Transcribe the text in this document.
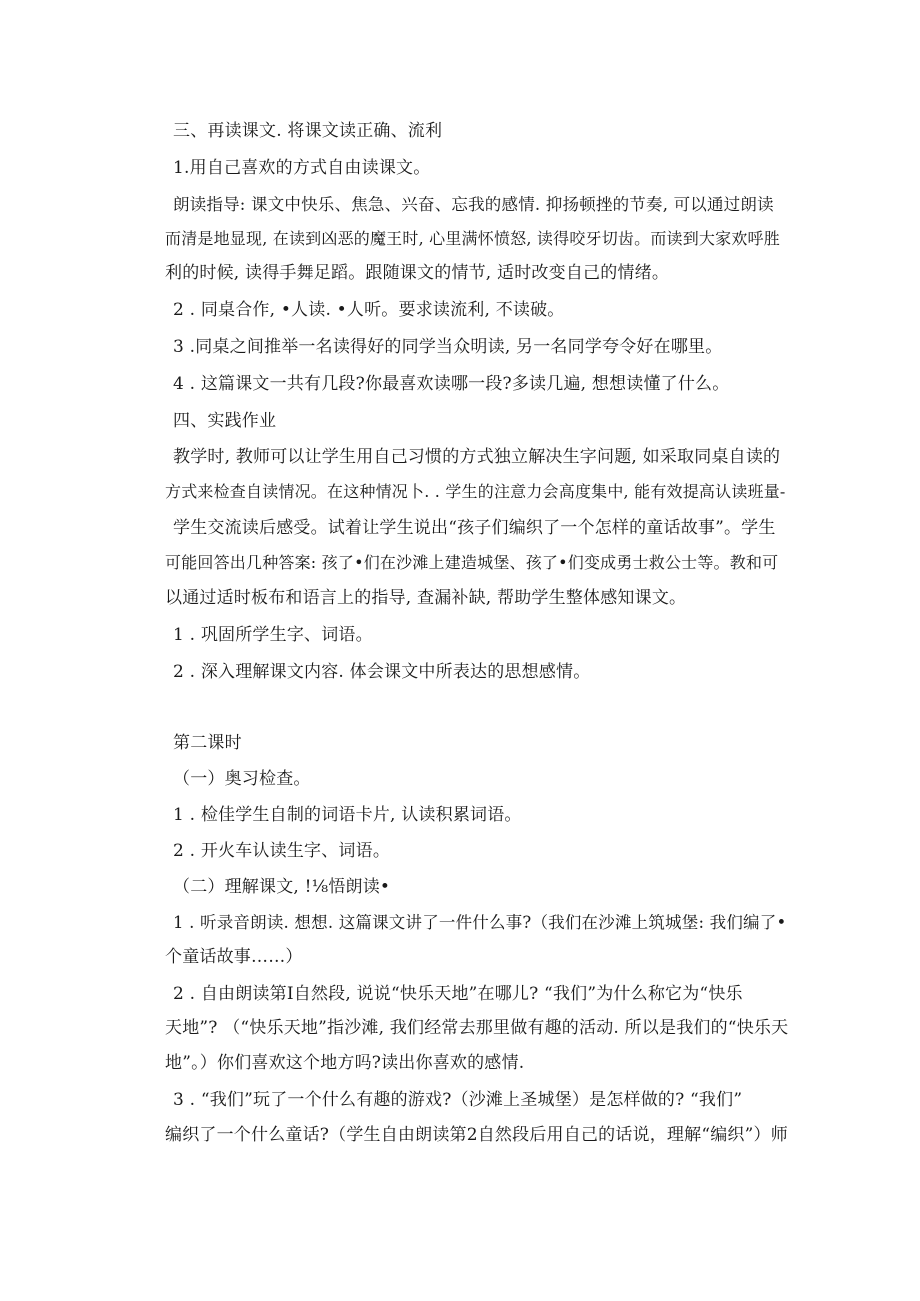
三、再读课文. 将课文读正确、流利
1.用自己喜欢的方式自由读课文。
朗读指导: 课文中快乐、焦急、兴奋、忘我的感情. 抑扬顿挫的节奏, 可以通过朗读
而清是地显现, 在读到凶恶的魔王时, 心里满怀愤怒, 读得咬牙切齿。而读到大家欢呼胜
利的时候, 读得手舞足蹈。跟随课文的情节, 适时改变自己的情绪。
2 . 同桌合作, •人读. •人听。要求读流利, 不读破。
3 .同桌之间推举一名读得好的同学当众明读, 另一名同学夸令好在哪里。
4 . 这篇课文一共有几段?你最喜欢读哪一段?多读几遍, 想想读懂了什么。
四、实践作业
教学时, 教师可以让学生用自己习惯的方式独立解决生字问题, 如采取同桌自读的
方式来检查自读情况。在这种情况卜. . 学生的注意力会高度集中, 能有效提高认读班量-
学生交流读后感受。试着让学生说出“孩子们编织了一个怎样的童话故事”。学生
可能回答出几种答案: 孩了•们在沙滩上建造城堡、孩了•们变成勇士救公士等。教和可
以通过适时板布和语言上的指导, 查漏补缺, 帮助学生整体感知课文。
1 . 巩固所学生字、词语。
2 . 深入理解课文内容. 体会课文中所表达的思想感情。
第二课时
（一）奥习检查。
1 . 检佳学生自制的词语卡片, 认读积累词语。
2 . 开火车认读生字、词语。
（二）理解课文, !⅛悟朗读•
1 . 听录音朗读. 想想. 这篇课文讲了一件什么事?（我们在沙滩上筑城堡: 我们编了•
个童话故事……）
2 . 自由朗读第I自然段, 说说“快乐天地”在哪儿? “我们”为什么称它为“快乐
天地”? （“快乐天地”指沙滩, 我们经常去那里做有趣的活动. 所以是我们的“快乐天
地”。）你们喜欢这个地方吗?读出你喜欢的感情.
3 . “我们”玩了一个什么有趣的游戏?（沙滩上圣城堡）是怎样做的? “我们”
编织了一个什么童话?（学生自由朗读第2自然段后用自己的话说，理解“编织”）师
